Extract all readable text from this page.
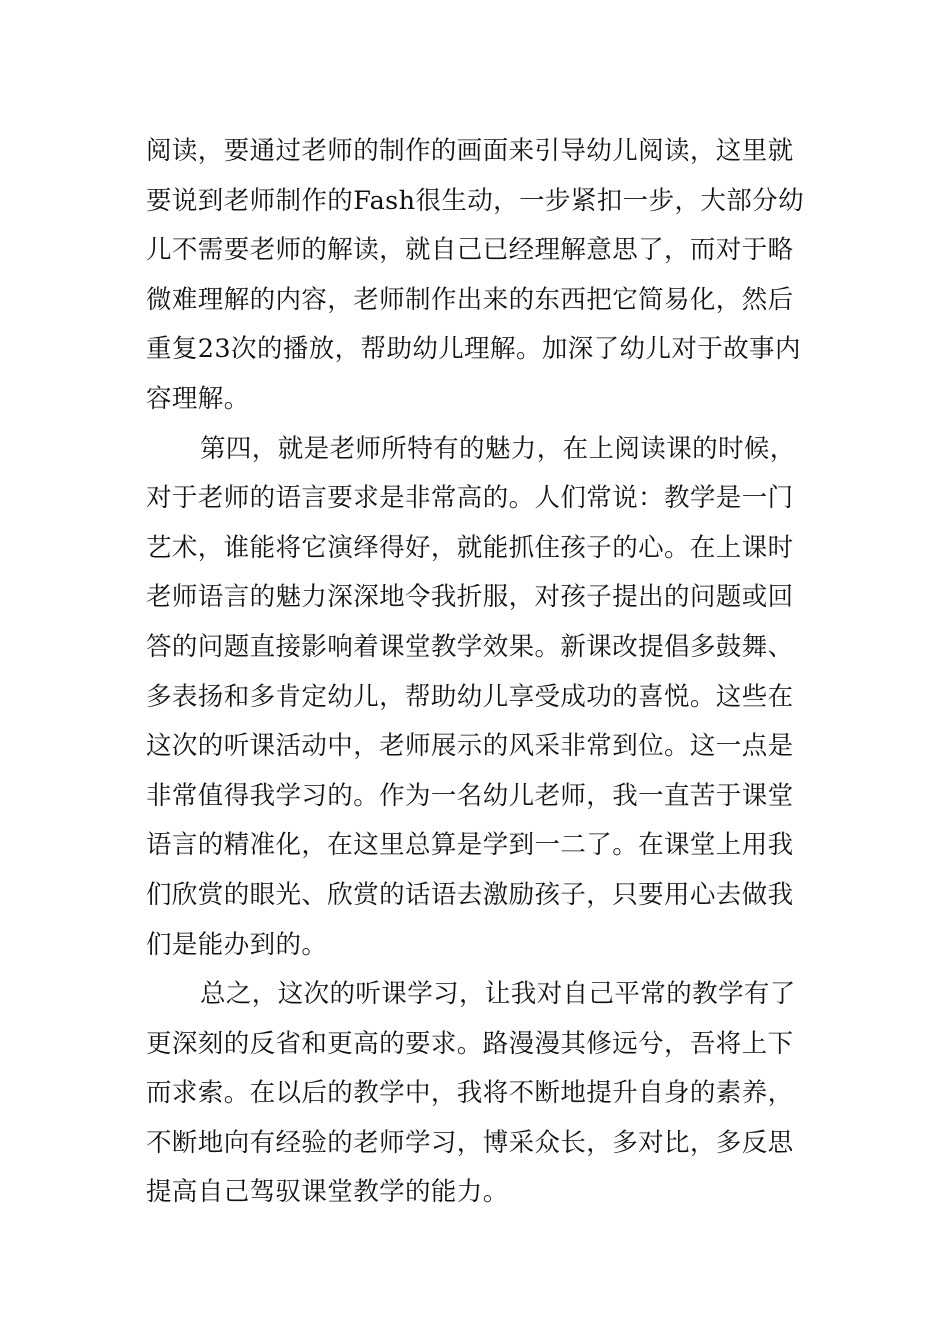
阅读，要通过老师的制作的画面来引导幼儿阅读，这里就
要说到老师制作的Fash很生动，一步紧扣一步，大部分幼
儿不需要老师的解读，就自己已经理解意思了，而对于略
微难理解的内容，老师制作出来的东西把它简易化，然后
重复23次的播放，帮助幼儿理解。加深了幼儿对于故事内
容理解。
第四，就是老师所特有的魅力，在上阅读课的时候，
对于老师的语言要求是非常高的。人们常说：教学是一门
艺术，谁能将它演绎得好，就能抓住孩子的心。在上课时
老师语言的魅力深深地令我折服，对孩子提出的问题或回
答的问题直接影响着课堂教学效果。新课改提倡多鼓舞、
多表扬和多肯定幼儿，帮助幼儿享受成功的喜悦。这些在
这次的听课活动中，老师展示的风采非常到位。这一点是
非常值得我学习的。作为一名幼儿老师，我一直苦于课堂
语言的精准化，在这里总算是学到一二了。在课堂上用我
们欣赏的眼光、欣赏的话语去激励孩子，只要用心去做我
们是能办到的。
总之，这次的听课学习，让我对自己平常的教学有了
更深刻的反省和更高的要求。路漫漫其修远兮，吾将上下
而求索。在以后的教学中，我将不断地提升自身的素养，
不断地向有经验的老师学习，博采众长，多对比，多反思
提高自己驾驭课堂教学的能力。
